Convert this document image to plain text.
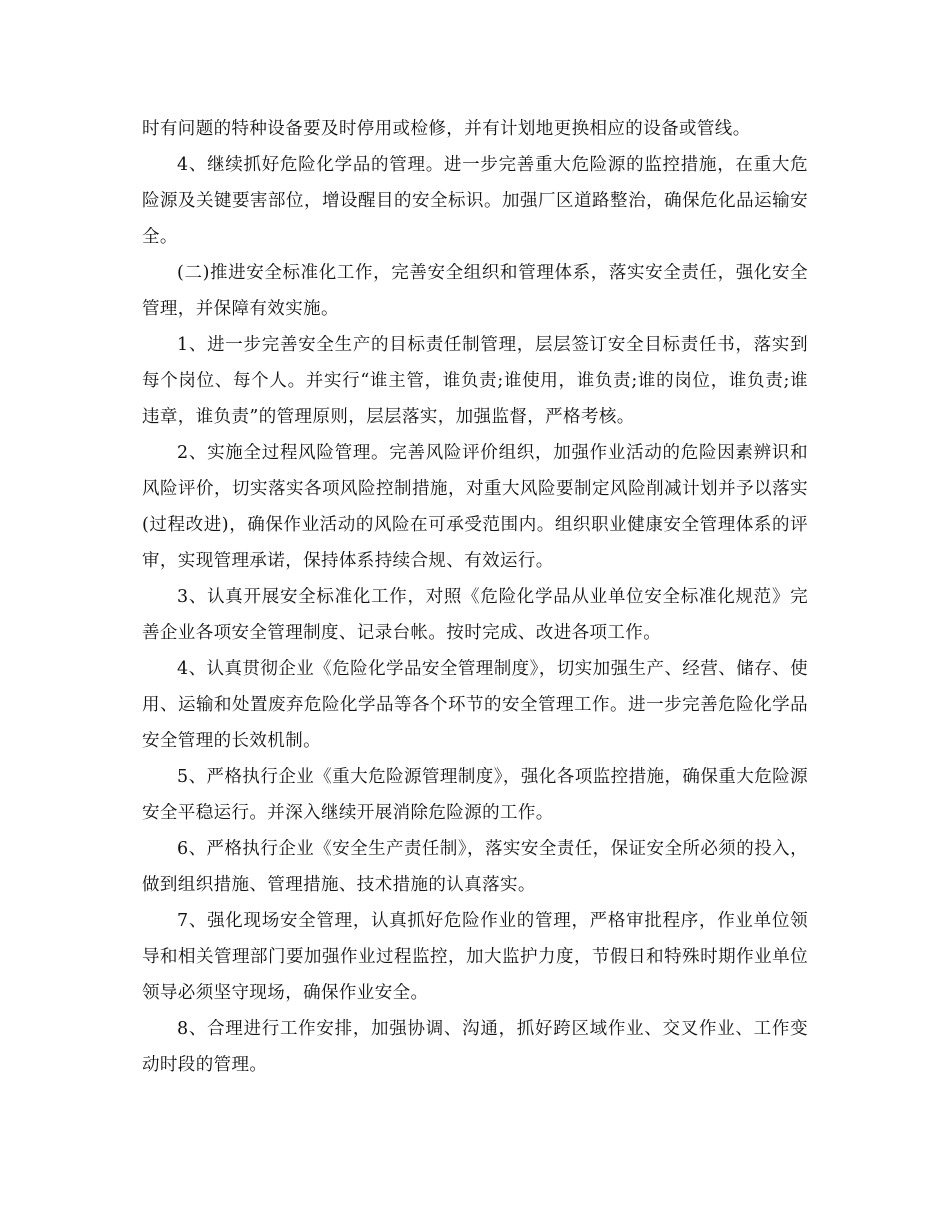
时有问题的特种设备要及时停用或检修，并有计划地更换相应的设备或管线。

4、继续抓好危险化学品的管理。进一步完善重大危险源的监控措施，在重大危险源及关键要害部位，增设醒目的安全标识。加强厂区道路整治，确保危化品运输安全。

(二)推进安全标准化工作，完善安全组织和管理体系，落实安全责任，强化安全管理，并保障有效实施。

1、进一步完善安全生产的目标责任制管理，层层签订安全目标责任书，落实到每个岗位、每个人。并实行“谁主管，谁负责;谁使用，谁负责;谁的岗位，谁负责;谁违章，谁负责”的管理原则，层层落实，加强监督，严格考核。

2、实施全过程风险管理。完善风险评价组织，加强作业活动的危险因素辨识和风险评价，切实落实各项风险控制措施，对重大风险要制定风险削减计划并予以落实(过程改进)，确保作业活动的风险在可承受范围内。组织职业健康安全管理体系的评审，实现管理承诺，保持体系持续合规、有效运行。

3、认真开展安全标准化工作，对照《危险化学品从业单位安全标准化规范》完善企业各项安全管理制度、记录台帐。按时完成、改进各项工作。

4、认真贯彻企业《危险化学品安全管理制度》，切实加强生产、经营、储存、使用、运输和处置废弃危险化学品等各个环节的安全管理工作。进一步完善危险化学品安全管理的长效机制。

5、严格执行企业《重大危险源管理制度》，强化各项监控措施，确保重大危险源安全平稳运行。并深入继续开展消除危险源的工作。

6、严格执行企业《安全生产责任制》，落实安全责任，保证安全所必须的投入，做到组织措施、管理措施、技术措施的认真落实。

7、强化现场安全管理，认真抓好危险作业的管理，严格审批程序，作业单位领导和相关管理部门要加强作业过程监控，加大监护力度，节假日和特殊时期作业单位领导必须坚守现场，确保作业安全。

8、合理进行工作安排，加强协调、沟通，抓好跨区域作业、交叉作业、工作变动时段的管理。
